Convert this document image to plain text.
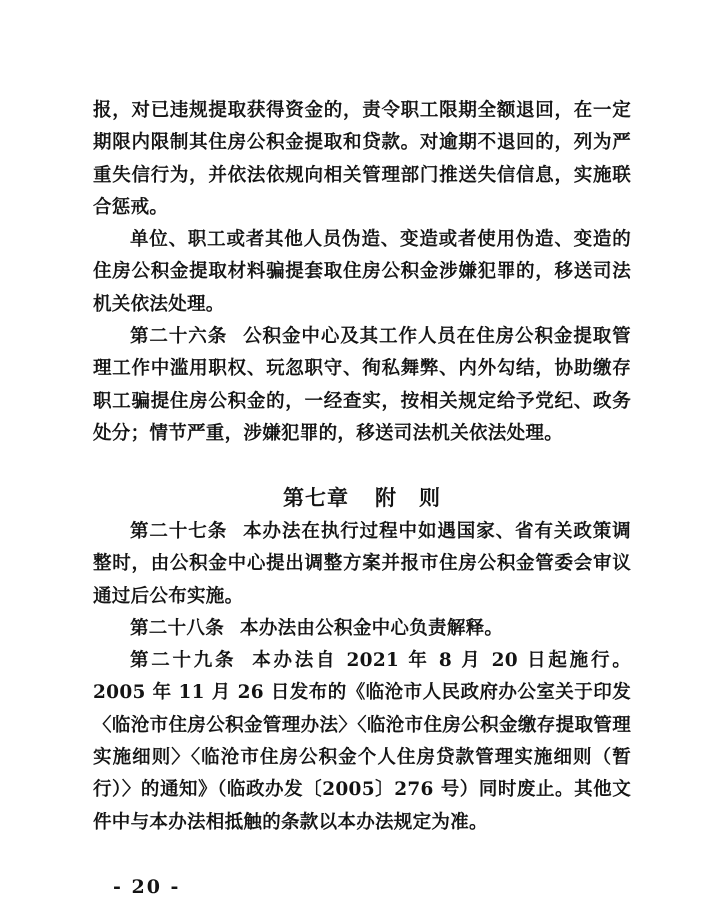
报，对已违规提取获得资金的，责令职工限期全额退回，在一定期限内限制其住房公积金提取和贷款。对逾期不退回的，列为严重失信行为，并依法依规向相关管理部门推送失信信息，实施联合惩戒。

单位、职工或者其他人员伪造、变造或者使用伪造、变造的住房公积金提取材料骗提套取住房公积金涉嫌犯罪的，移送司法机关依法处理。

第二十六条 公积金中心及其工作人员在住房公积金提取管理工作中滥用职权、玩忽职守、徇私舞弊、内外勾结，协助缴存职工骗提住房公积金的，一经查实，按相关规定给予党纪、政务处分；情节严重，涉嫌犯罪的，移送司法机关依法处理。

第七章 附　则

第二十七条 本办法在执行过程中如遇国家、省有关政策调整时，由公积金中心提出调整方案并报市住房公积金管委会审议通过后公布实施。

第二十八条 本办法由公积金中心负责解释。

第二十九条 本办法自 2021 年 8 月 20 日起施行。2005 年 11 月 26 日发布的《临沧市人民政府办公室关于印发〈临沧市住房公积金管理办法〉〈临沧市住房公积金缴存提取管理实施细则〉〈临沧市住房公积金个人住房贷款管理实施细则（暂行）〉的通知》（临政办发〔2005〕276 号）同时废止。其他文件中与本办法相抵触的条款以本办法规定为准。

- 20 -
